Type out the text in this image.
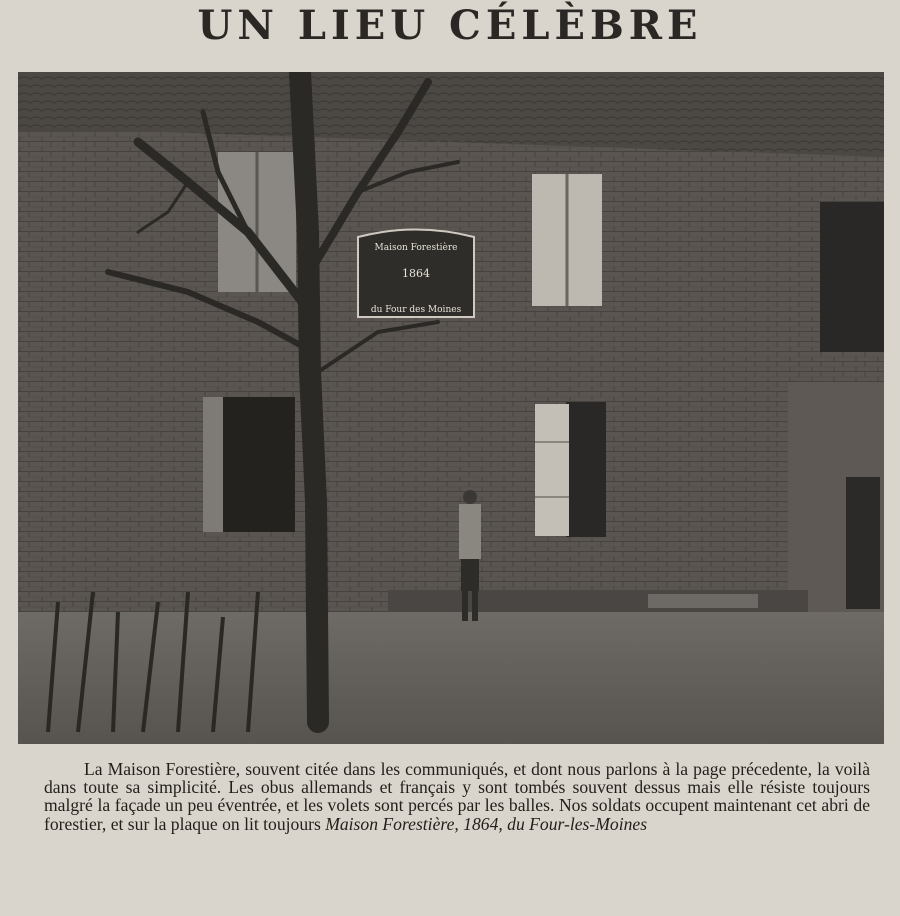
UN LIEU CÉLÈBRE
Maison Forestière
1864
du Four des Moines

La Maison Forestière, souvent citée dans les communiqués, et dont nous parlons à la page précedente, la voilà dans toute sa simplicité. Les obus allemands et français y sont tombés souvent dessus mais elle résiste toujours malgré la façade un peu éventrée, et les volets sont percés par les balles. Nos soldats occupent maintenant cet abri de forestier, et sur la plaque on lit toujours Maison Forestière, 1864, du Four-les-Moines
